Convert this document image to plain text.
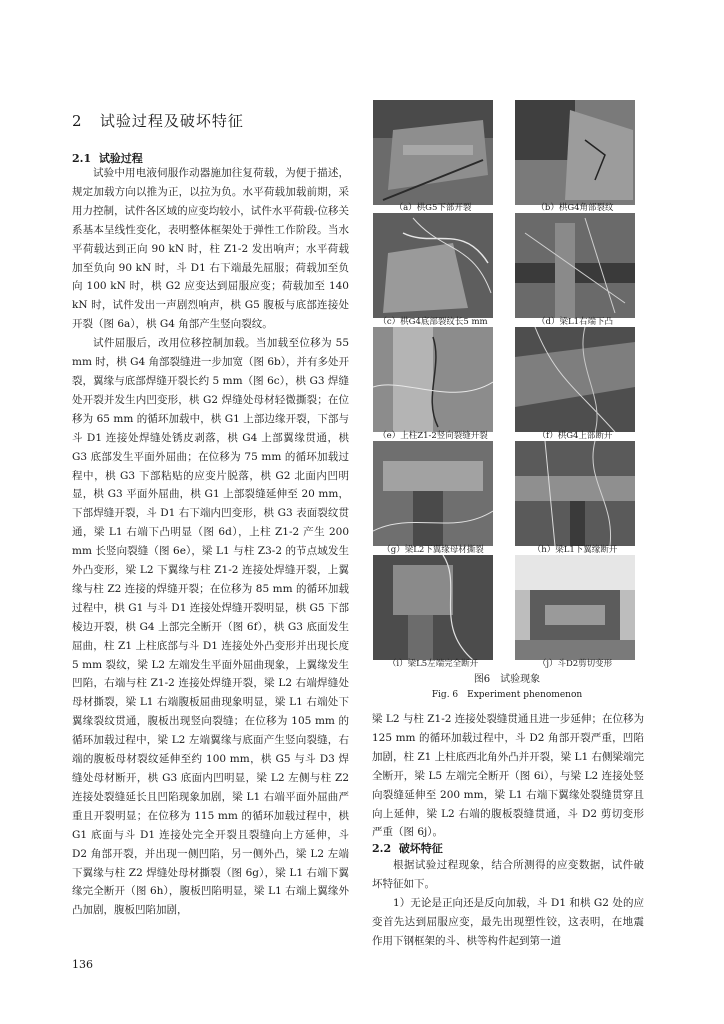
2 试验过程及破坏特征
2.1 试验过程

试验中用电液伺服作动器施加往复荷载，为便于描述，规定加载方向以推为正，以拉为负。水平荷载加载前期，采用力控制，试件各区域的应变均较小，试件水平荷载-位移关系基本呈线性变化，表明整体框架处于弹性工作阶段。当水平荷载达到正向 90 kN 时，柱 Z1-2 发出响声；水平荷载加至负向 90 kN 时，斗 D1 右下端最先屈服；荷载加至负向 100 kN 时，栱 G2 应变达到屈服应变；荷载加至 140 kN 时，试件发出一声剧烈响声，栱 G5 腹板与底部连接处开裂（图 6a），栱 G4 角部产生竖向裂纹。

试件屈服后，改用位移控制加载。当加载至位移为 55 mm 时，栱 G4 角部裂缝进一步加宽（图 6b），并有多处开裂，翼缘与底部焊缝开裂长约 5 mm（图 6c），栱 G3 焊缝处开裂并发生内凹变形，栱 G2 焊缝处母材轻微撕裂；在位移为 65 mm 的循环加载中，栱 G1 上部边缘开裂，下部与斗 D1 连接处焊缝处锈皮剥落，栱 G4 上部翼缘贯通，栱 G3 底部发生平面外屈曲；在位移为 75 mm 的循环加载过程中，栱 G3 下部粘贴的应变片脱落，栱 G2 北面内凹明显，栱 G3 平面外屈曲，栱 G1 上部裂缝延伸至 20 mm，下部焊缝开裂，斗 D1 右下端内凹变形，栱 G3 表面裂纹贯通，梁 L1 右端下凸明显（图 6d），上柱 Z1-2 产生 200 mm 长竖向裂缝（图 6e），梁 L1 与柱 Z3-2 的节点域发生外凸变形，梁 L2 下翼缘与柱 Z1-2 连接处焊缝开裂，上翼缘与柱 Z2 连接的焊缝开裂；在位移为 85 mm 的循环加载过程中，栱 G1 与斗 D1 连接处焊缝开裂明显，栱 G5 下部棱边开裂，栱 G4 上部完全断开（图 6f），栱 G3 底面发生屈曲，柱 Z1 上柱底部与斗 D1 连接处外凸变形并出现长度 5 mm 裂纹，梁 L2 左端发生平面外屈曲现象，上翼缘发生凹陷，右端与柱 Z1-2 连接处焊缝开裂，梁 L2 右端焊缝处母材撕裂，梁 L1 右端腹板屈曲现象明显，梁 L1 右端处下翼缘裂纹贯通，腹板出现竖向裂缝；在位移为 105 mm 的循环加载过程中，梁 L2 左端翼缘与底面产生竖向裂缝，右端的腹板母材裂纹延伸至约 100 mm，栱 G5 与斗 D3 焊缝处母材断开，栱 G3 底面内凹明显，梁 L2 左侧与柱 Z2 连接处裂缝延长且凹陷现象加剧，梁 L1 右端平面外屈曲严重且开裂明显；在位移为 115 mm 的循环加载过程中，栱 G1 底面与斗 D1 连接处完全开裂且裂缝向上方延伸，斗 D2 角部开裂，并出现一侧凹陷，另一侧外凸，梁 L2 左端下翼缘与柱 Z2 焊缝处母材撕裂（图 6g），梁 L1 右端下翼缘完全断开（图 6h），腹板凹陷明显，梁 L1 右端上翼缘外凸加剧，腹板凹陷加剧，

梁 L2 与柱 Z1-2 连接处裂缝贯通且进一步延伸；在位移为 125 mm 的循环加载过程中，斗 D2 角部开裂严重，凹陷加剧，柱 Z1 上柱底西北角外凸并开裂，梁 L1 右侧梁端完全断开，梁 L5 左端完全断开（图 6i），与梁 L2 连接处竖向裂缝延伸至 200 mm，梁 L1 右端下翼缘处裂缝贯穿且向上延伸，梁 L2 右端的腹板裂缝贯通，斗 D2 剪切变形严重（图 6j）。

2.2 破坏特征

根据试验过程现象，结合所测得的应变数据，试件破坏特征如下。

1）无论是正向还是反向加载，斗 D1 和栱 G2 处的应变首先达到屈服应变，最先出现塑性铰，这表明，在地震作用下钢框架的斗、栱等构件起到第一道

（a）栱G5下部开裂	（b）栱G4角部裂纹
（c）栱G4底部裂纹长5 mm	（d）梁L1右端下凸
（e）上柱Z1-2竖向裂缝开裂	（f）栱G4上部断开
（g）梁L2下翼缘母材撕裂	（h）梁L1下翼缘断开
（i）梁L5左端完全断开	（j）斗D2剪切变形
图6　试验现象
Fig. 6　Experiment phenomenon
136
